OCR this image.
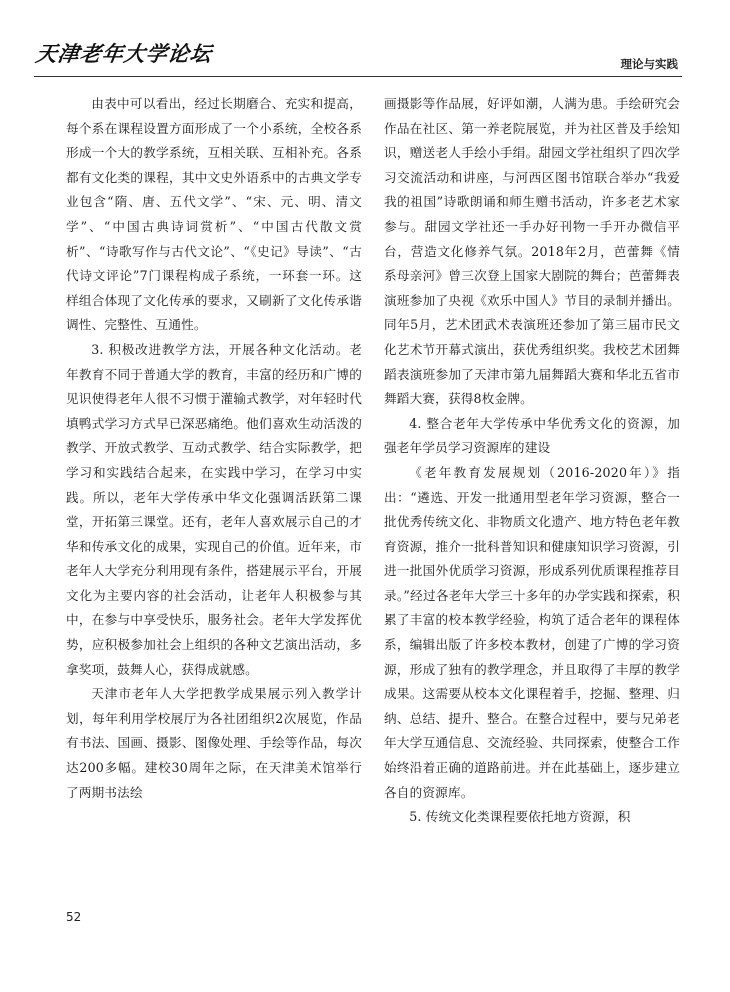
天津老年大学论坛	理论与实践

由表中可以看出，经过长期磨合、充实和提高，每个系在课程设置方面形成了一个小系统，全校各系形成一个大的教学系统，互相关联、互相补充。各系都有文化类的课程，其中文史外语系中的古典文学专业包含“隋、唐、五代文学”、“宋、元、明、清文学”、“中国古典诗词赏析”、“中国古代散文赏析”、“诗歌写作与古代文论”、“《史记》导读”、“古代诗文评论”7门课程构成子系统，一环套一环。这样组合体现了文化传承的要求，又刷新了文化传承谐调性、完整性、互通性。

3. 积极改进教学方法，开展各种文化活动。老年教育不同于普通大学的教育，丰富的经历和广博的见识使得老年人很不习惯于灌输式教学，对年轻时代填鸭式学习方式早已深恶痛绝。他们喜欢生动活泼的教学、开放式教学、互动式教学、结合实际教学，把学习和实践结合起来，在实践中学习，在学习中实践。所以，老年大学传承中华文化强调活跃第二课堂，开拓第三课堂。还有，老年人喜欢展示自己的才华和传承文化的成果，实现自己的价值。近年来，市老年人大学充分利用现有条件，搭建展示平台，开展文化为主要内容的社会活动，让老年人积极参与其中，在参与中享受快乐，服务社会。老年大学发挥优势，应积极参加社会上组织的各种文艺演出活动，多拿奖项，鼓舞人心，获得成就感。

天津市老年人大学把教学成果展示列入教学计划，每年利用学校展厅为各社团组织2次展览，作品有书法、国画、摄影、图像处理、手绘等作品，每次达200多幅。建校30周年之际，在天津美术馆举行了两期书法绘

画摄影等作品展，好评如潮，人满为患。手绘研究会作品在社区、第一养老院展览，并为社区普及手绘知识，赠送老人手绘小手绢。甜园文学社组织了四次学习交流活动和讲座，与河西区图书馆联合举办“我爱我的祖国”诗歌朗诵和师生赠书活动，许多老艺术家参与。甜园文学社还一手办好刊物一手开办微信平台，营造文化修养气氛。2018年2月，芭蕾舞《情系母亲河》曾三次登上国家大剧院的舞台；芭蕾舞表演班参加了央视《欢乐中国人》节目的录制并播出。同年5月，艺术团武术表演班还参加了第三届市民文化艺术节开幕式演出，获优秀组织奖。我校艺术团舞蹈表演班参加了天津市第九届舞蹈大赛和华北五省市舞蹈大赛，获得8枚金牌。

4. 整合老年大学传承中华优秀文化的资源，加强老年学员学习资源库的建设

《老年教育发展规划（2016-2020年）》指出：“遴选、开发一批通用型老年学习资源，整合一批优秀传统文化、非物质文化遗产、地方特色老年教育资源，推介一批科普知识和健康知识学习资源，引进一批国外优质学习资源，形成系列优质课程推荐目录。”经过各老年大学三十多年的办学实践和探索，积累了丰富的校本教学经验，构筑了适合老年的课程体系，编辑出版了许多校本教材，创建了广博的学习资源，形成了独有的教学理念，并且取得了丰厚的教学成果。这需要从校本文化课程着手，挖掘、整理、归纳、总结、提升、整合。在整合过程中，要与兄弟老年大学互通信息、交流经验、共同探索，使整合工作始终沿着正确的道路前进。并在此基础上，逐步建立各自的资源库。

5. 传统文化类课程要依托地方资源，积

52
